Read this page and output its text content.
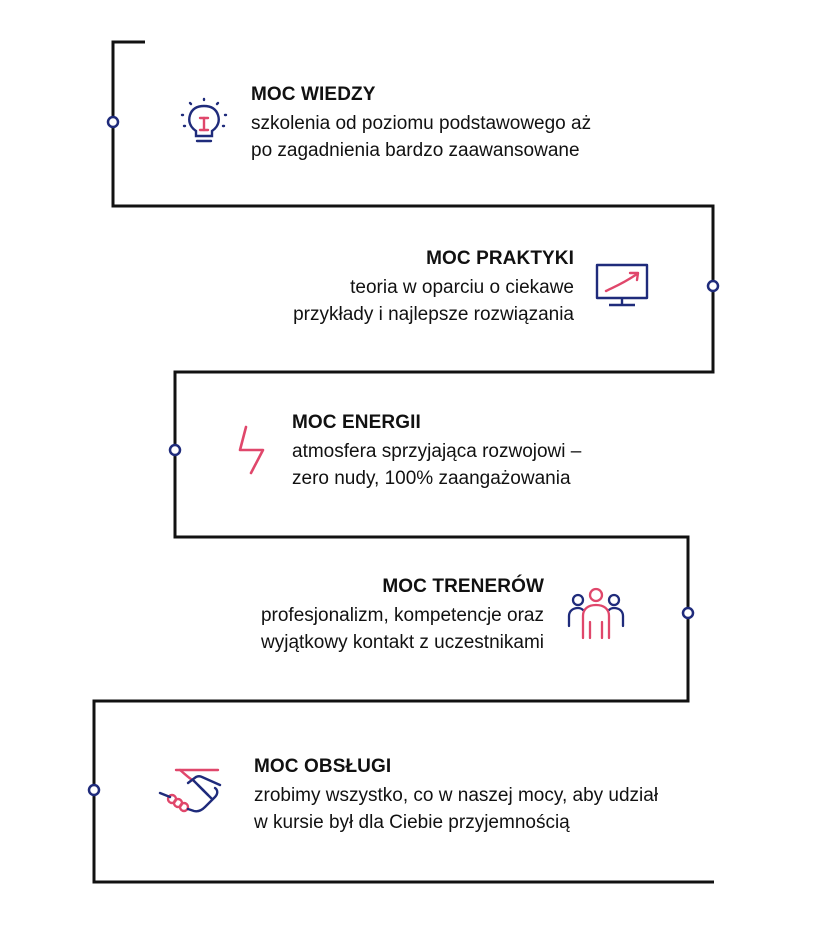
MOC WIEDZY
szkolenia od poziomu podstawowego aż
po zagadnienia bardzo zaawansowane
MOC PRAKTYKI
teoria w oparciu o ciekawe
przykłady i najlepsze rozwiązania
MOC ENERGII
atmosfera sprzyjająca rozwojowi –
zero nudy, 100% zaangażowania
MOC TRENERÓW
profesjonalizm, kompetencje oraz
wyjątkowy kontakt z uczestnikami
MOC OBSŁUGI
zrobimy wszystko, co w naszej mocy, aby udział
w kursie był dla Ciebie przyjemnością
